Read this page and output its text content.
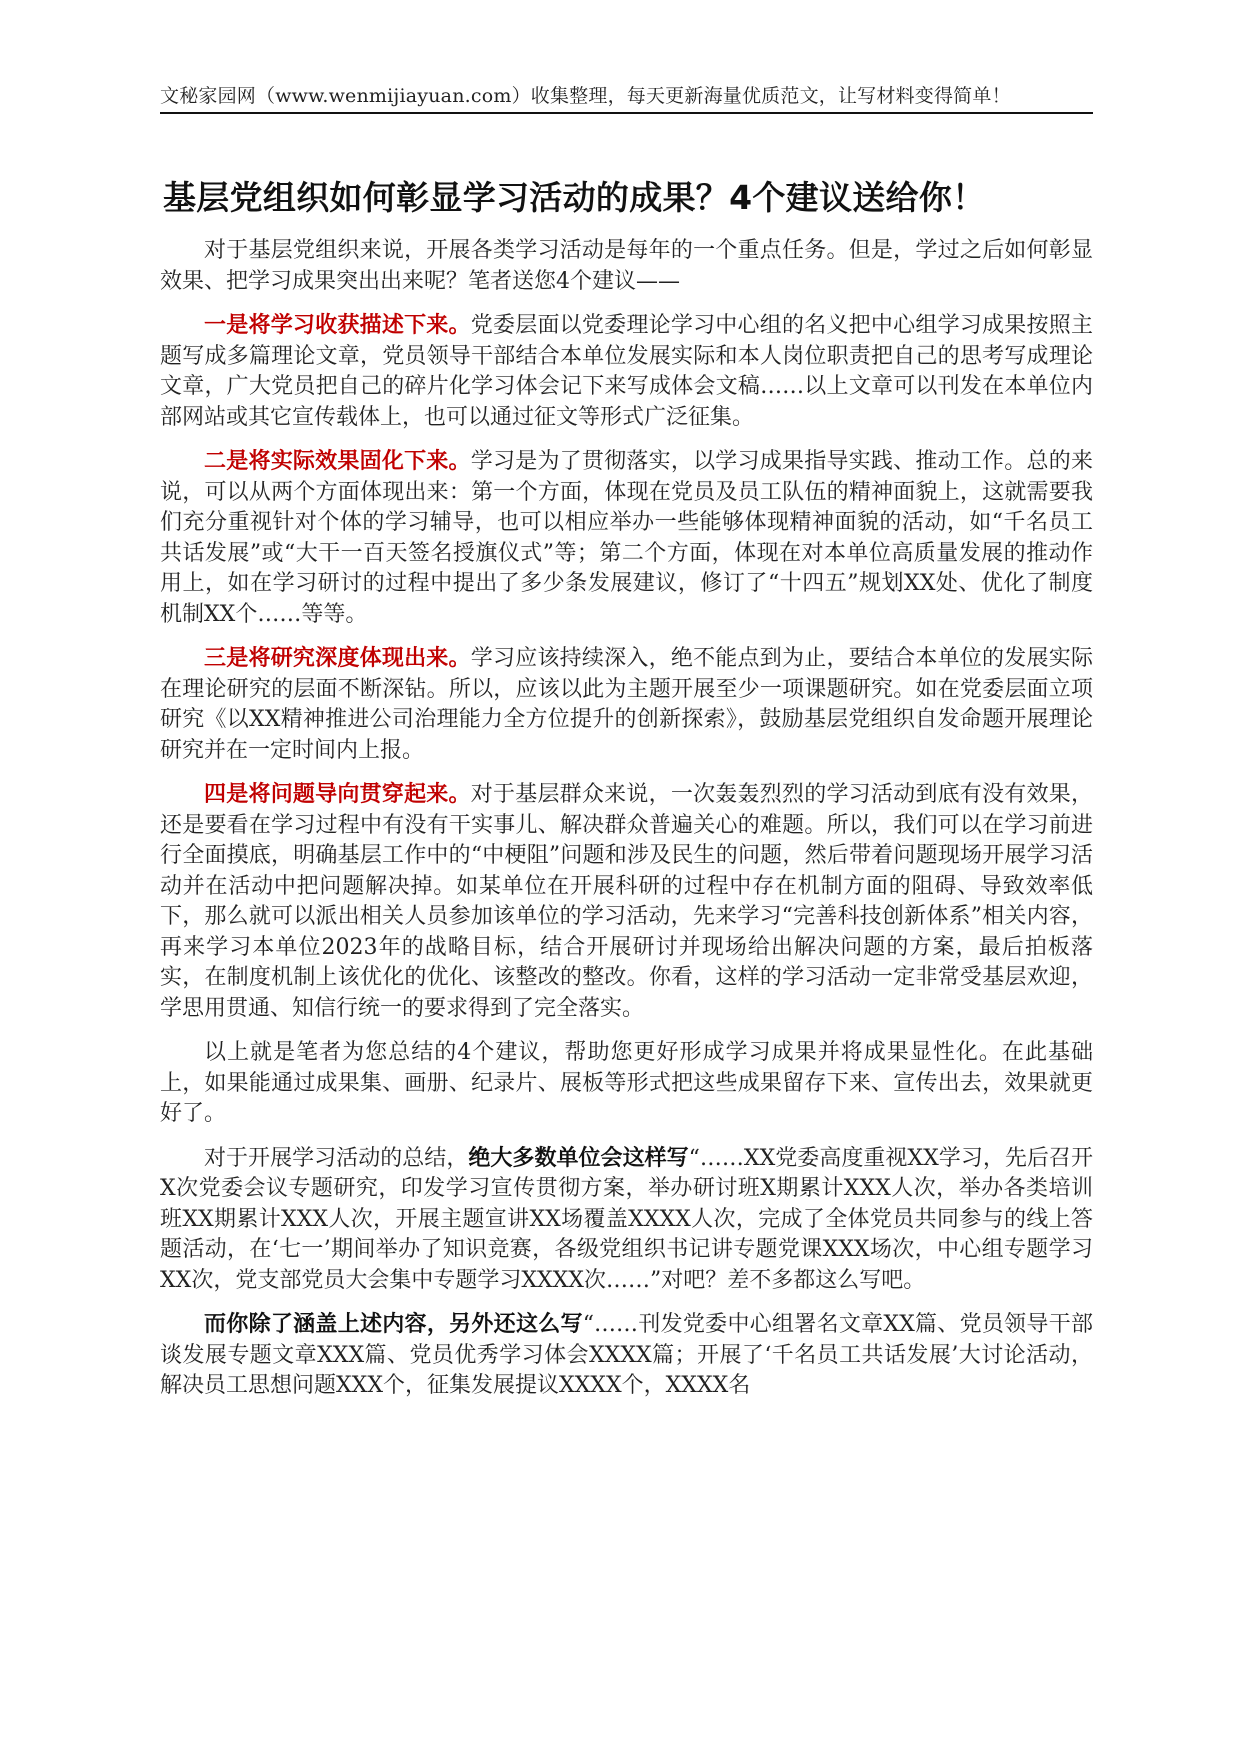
文秘家园网（www.wenmijiayuan.com）收集整理，每天更新海量优质范文，让写材料变得简单！
基层党组织如何彰显学习活动的成果？4个建议送给你！

对于基层党组织来说，开展各类学习活动是每年的一个重点任务。但是，学过之后如何彰显效果、把学习成果突出出来呢？笔者送您4个建议——

一是将学习收获描述下来。党委层面以党委理论学习中心组的名义把中心组学习成果按照主题写成多篇理论文章，党员领导干部结合本单位发展实际和本人岗位职责把自己的思考写成理论文章，广大党员把自己的碎片化学习体会记下来写成体会文稿……以上文章可以刊发在本单位内部网站或其它宣传载体上，也可以通过征文等形式广泛征集。

二是将实际效果固化下来。学习是为了贯彻落实，以学习成果指导实践、推动工作。总的来说，可以从两个方面体现出来：第一个方面，体现在党员及员工队伍的精神面貌上，这就需要我们充分重视针对个体的学习辅导，也可以相应举办一些能够体现精神面貌的活动，如“千名员工共话发展”或“大干一百天签名授旗仪式”等；第二个方面，体现在对本单位高质量发展的推动作用上，如在学习研讨的过程中提出了多少条发展建议，修订了“十四五”规划XX处、优化了制度机制XX个……等等。

三是将研究深度体现出来。学习应该持续深入，绝不能点到为止，要结合本单位的发展实际在理论研究的层面不断深钻。所以，应该以此为主题开展至少一项课题研究。如在党委层面立项研究《以XX精神推进公司治理能力全方位提升的创新探索》，鼓励基层党组织自发命题开展理论研究并在一定时间内上报。

四是将问题导向贯穿起来。对于基层群众来说，一次轰轰烈烈的学习活动到底有没有效果，还是要看在学习过程中有没有干实事儿、解决群众普遍关心的难题。所以，我们可以在学习前进行全面摸底，明确基层工作中的“中梗阻”问题和涉及民生的问题，然后带着问题现场开展学习活动并在活动中把问题解决掉。如某单位在开展科研的过程中存在机制方面的阻碍、导致效率低下，那么就可以派出相关人员参加该单位的学习活动，先来学习“完善科技创新体系”相关内容，再来学习本单位2023年的战略目标，结合开展研讨并现场给出解决问题的方案，最后拍板落实，在制度机制上该优化的优化、该整改的整改。你看，这样的学习活动一定非常受基层欢迎，学思用贯通、知信行统一的要求得到了完全落实。

以上就是笔者为您总结的4个建议，帮助您更好形成学习成果并将成果显性化。在此基础上，如果能通过成果集、画册、纪录片、展板等形式把这些成果留存下来、宣传出去，效果就更好了。

对于开展学习活动的总结，绝大多数单位会这样写“……XX党委高度重视XX学习，先后召开X次党委会议专题研究，印发学习宣传贯彻方案，举办研讨班X期累计XXX人次，举办各类培训班XX期累计XXX人次，开展主题宣讲XX场覆盖XXXX人次，完成了全体党员共同参与的线上答题活动，在‘七一’期间举办了知识竞赛，各级党组织书记讲专题党课XXX场次，中心组专题学习XX次，党支部党员大会集中专题学习XXXX次……”对吧？差不多都这么写吧。

而你除了涵盖上述内容，另外还这么写“……刊发党委中心组署名文章XX篇、党员领导干部谈发展专题文章XXX篇、党员优秀学习体会XXXX篇；开展了‘千名员工共话发展’大讨论活动，解决员工思想问题XXX个，征集发展提议XXXX个，XXXX名
